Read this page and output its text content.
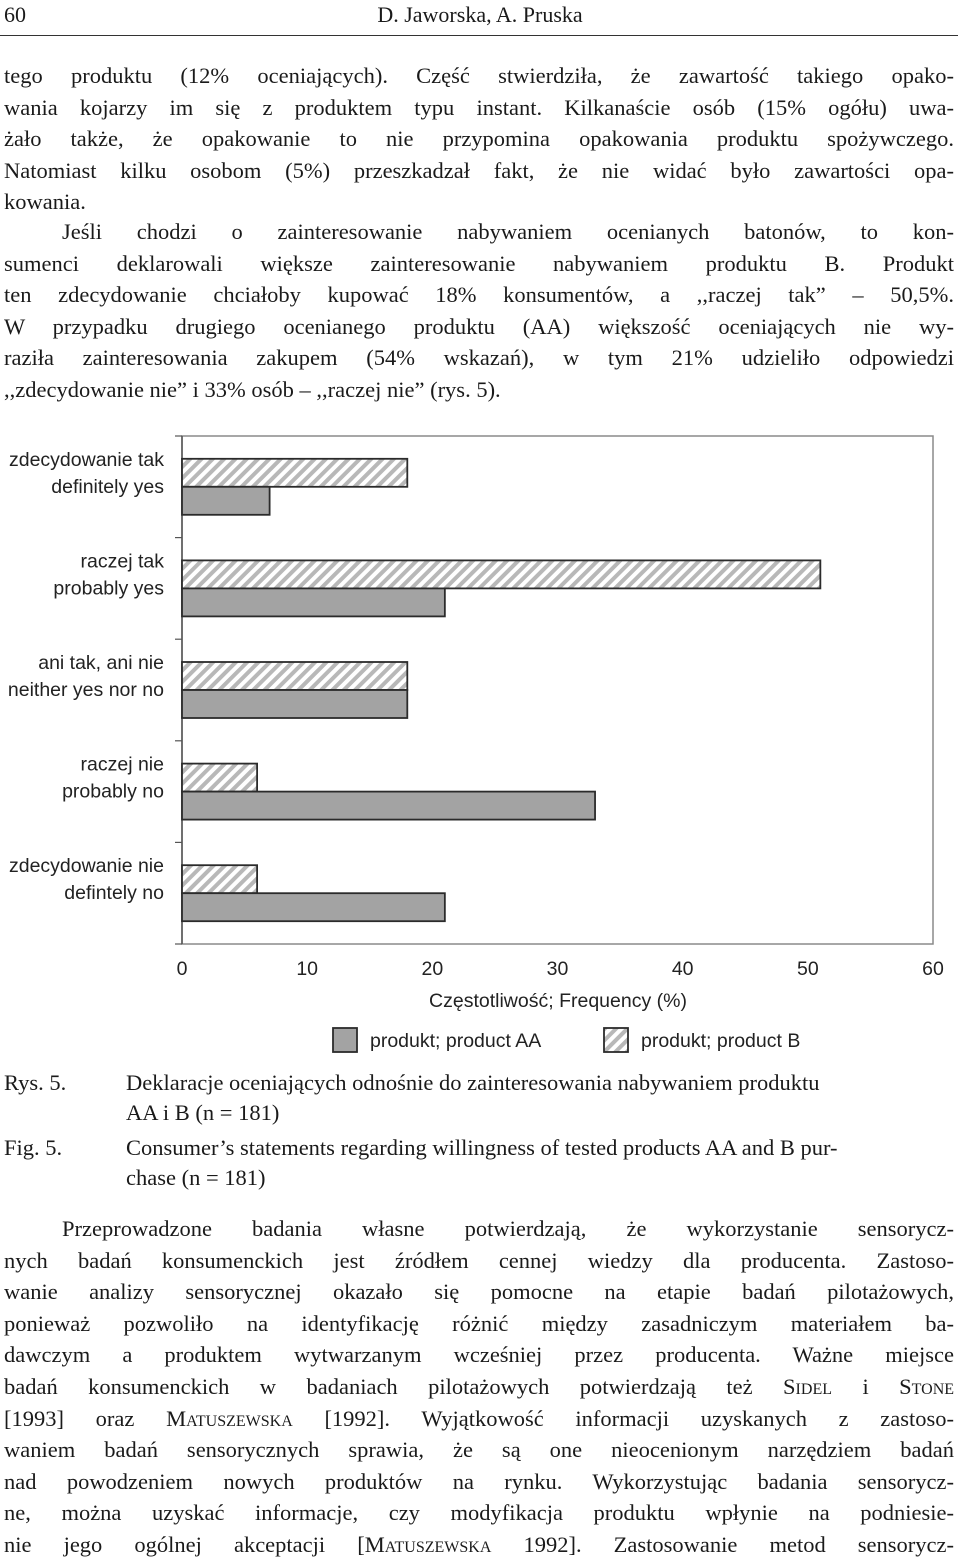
60	D. Jaworska, A. Pruska
tego produktu (12% oceniających). Część stwierdziła, że zawartość takiego opako-
wania kojarzy im się z produktem typu instant. Kilkanaście osób (15% ogółu) uwa-
żało także, że opakowanie to nie przypomina opakowania produktu spożywczego.
Natomiast kilku osobom (5%) przeszkadzał fakt, że nie widać było zawartości opa-
kowania.
Jeśli chodzi o zainteresowanie nabywaniem ocenianych batonów, to kon-
sumenci deklarowali większe zainteresowanie nabywaniem produktu B. Produkt
ten zdecydowanie chciałoby kupować 18% konsumentów, a ,,raczej tak” – 50,5%.
W przypadku drugiego ocenianego produktu (AA) większość oceniających nie wy-
raziła zainteresowania zakupem (54% wskazań), w tym 21% udzieliło odpowiedzi
,,zdecydowanie nie” i 33% osób – ,,raczej nie” (rys. 5).
zdecydowanie tak
definitely yes
raczej tak
probably yes
ani tak, ani nie
neither yes nor no
raczej nie
probably no
zdecydowanie nie
defintely no
0	10	20	30	40	50	60
Częstotliwość; Frequency (%)
produkt; product AA	produkt; product B
Rys. 5.	Deklaracje oceniających odnośnie do zainteresowania nabywaniem produktu
AA i B (n = 181)
Fig. 5.	Consumer’s statements regarding willingness of tested products AA and B pur-
chase (n = 181)
Przeprowadzone badania własne potwierdzają, że wykorzystanie sensorycz-
nych badań konsumenckich jest źródłem cennej wiedzy dla producenta. Zastoso-
wanie analizy sensorycznej okazało się pomocne na etapie badań pilotażowych,
ponieważ pozwoliło na identyfikację różnić między zasadniczym materiałem ba-
dawczym a produktem wytwarzanym wcześniej przez producenta. Ważne miejsce
badań konsumenckich w badaniach pilotażowych potwierdzają też Sidel i Stone
[1993] oraz Matuszewska [1992]. Wyjątkowość informacji uzyskanych z zastoso-
waniem badań sensorycznych sprawia, że są one nieocenionym narzędziem badań
nad powodzeniem nowych produktów na rynku. Wykorzystując badania sensorycz-
ne, można uzyskać informacje, czy modyfikacja produktu wpłynie na podniesie-
nie jego ogólnej akceptacji [Matuszewska 1992]. Zastosowanie metod sensorycz-
